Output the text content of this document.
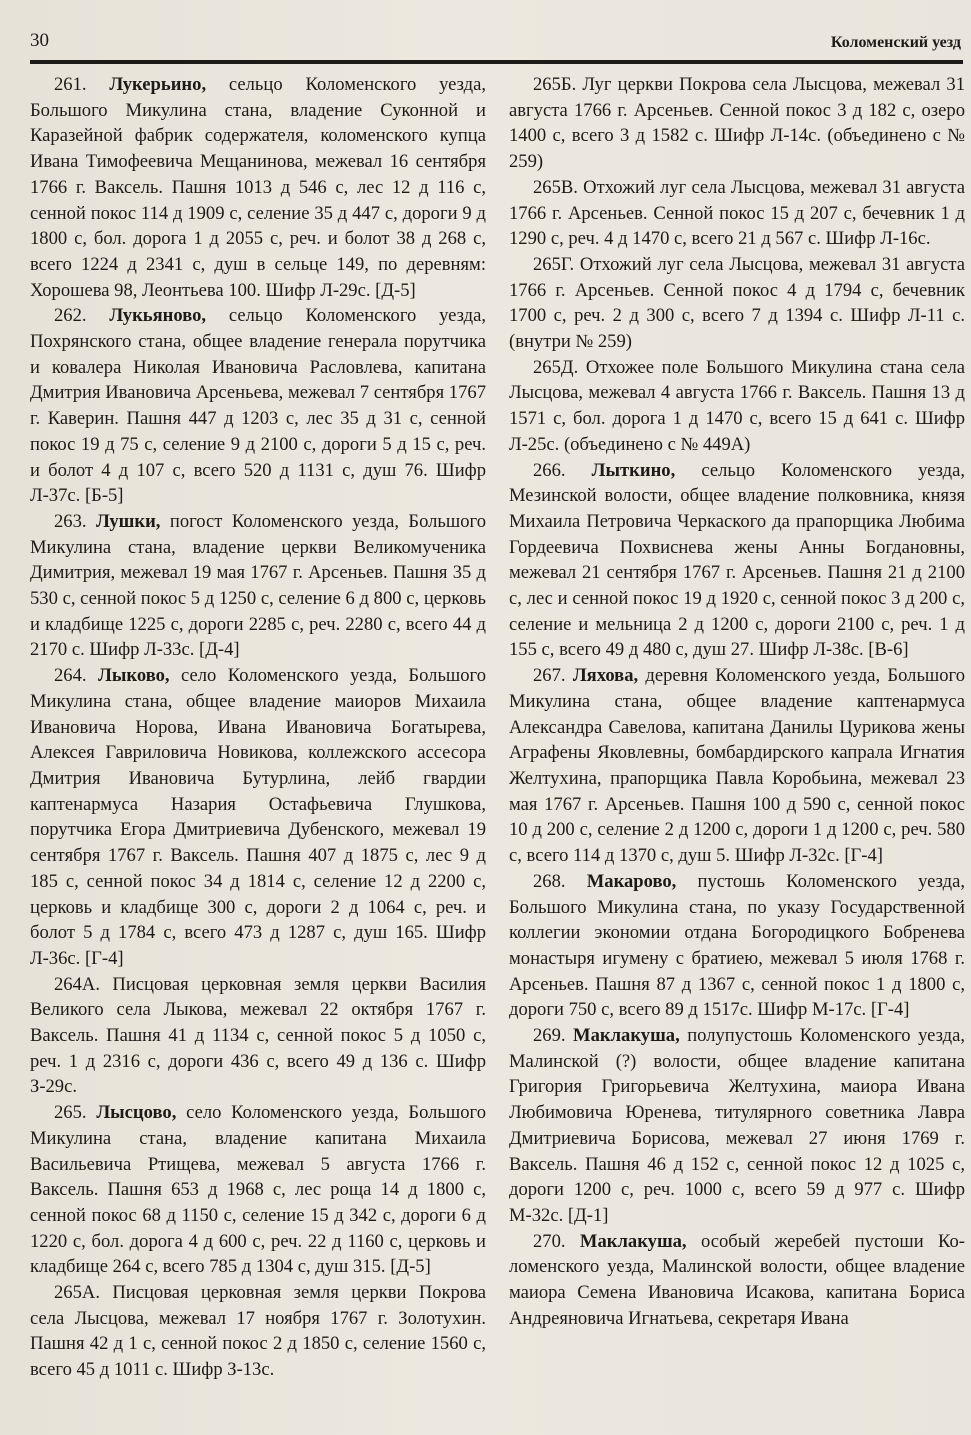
30	Коломенский уезд

261. Лукерьино, сельцо Коломенского уезда, Большого Микулина стана, владение Суконной и Каразейной фабрик содержателя, коломенского купца Ивана Тимофеевича Мещанинова, межевал 16 сентября 1766 г. Ваксель. Пашня 1013 д 546 с, лес 12 д 116 с, сенной покос 114 д 1909 с, селение 35 д 447 с, дороги 9 д 1800 с, бол. дорога 1 д 2055 с, реч. и болот 38 д 268 с, всего 1224 д 2341 с, душ в сельце 149, по деревням: Хорошева 98, Леонтьева 100. Шифр Л-29с. [Д-5]

262. Лукьяново, сельцо Коломенского уезда, Похрянского стана, общее владение генерала порутчика и ковалера Николая Ивановича Расловлева, капитана Дмитрия Ивановича Арсеньева, межевал 7 сентября 1767 г. Каверин. Пашня 447 д 1203 с, лес 35 д 31 с, сенной покос 19 д 75 с, селение 9 д 2100 с, дороги 5 д 15 с, реч. и болот 4 д 107 с, всего 520 д 1131 с, душ 76. Шифр Л-37с. [Б-5]

263. Лушки, погост Коломенского уезда, Большого Микулина стана, владение церкви Великомученика Димитрия, межевал 19 мая 1767 г. Арсеньев. Пашня 35 д 530 с, сенной покос 5 д 1250 с, селение 6 д 800 с, церковь и кладбище 1225 с, дороги 2285 с, реч. 2280 с, всего 44 д 2170 с. Шифр Л-33с. [Д-4]

264. Лыково, село Коломенского уезда, Большого Микулина стана, общее владение маиоров Михаила Ивановича Норова, Ивана Ивановича Богатырева, Алексея Гавриловича Новикова, коллежского ассесора Дмитрия Ивановича Бутурлина, лейб гвардии каптенармуса Назария Остафьевича Глушкова, порутчика Егора Дмитриевича Дубенского, межевал 19 сентября 1767 г. Ваксель. Пашня 407 д 1875 с, лес 9 д 185 с, сенной покос 34 д 1814 с, селение 12 д 2200 с, церковь и кладбище 300 с, дороги 2 д 1064 с, реч. и болот 5 д 1784 с, всего 473 д 1287 с, душ 165. Шифр Л-36с. [Г-4]

264А. Писцовая церковная земля церкви Василия Великого села Лыкова, межевал 22 октября 1767 г. Ваксель. Пашня 41 д 1134 с, сенной покос 5 д 1050 с, реч. 1 д 2316 с, дороги 436 с, всего 49 д 136 с. Шифр З-29с.

265. Лысцово, село Коломенского уезда, Большого Микулина стана, владение капитана Михаила Васильевича Ртищева, межевал 5 августа 1766 г. Ваксель. Пашня 653 д 1968 с, лес роща 14 д 1800 с, сенной покос 68 д 1150 с, селение 15 д 342 с, дороги 6 д 1220 с, бол. дорога 4 д 600 с, реч. 22 д 1160 с, церковь и кладбище 264 с, всего 785 д 1304 с, душ 315. [Д-5]

265А. Писцовая церковная земля церкви Покрова села Лысцова, межевал 17 ноября 1767 г. Золотухин. Пашня 42 д 1 с, сенной покос 2 д 1850 с, селение 1560 с, всего 45 д 1011 с. Шифр З-13с.

265Б. Луг церкви Покрова села Лысцова, межевал 31 августа 1766 г. Арсеньев. Сенной покос 3 д 182 с, озеро 1400 с, всего 3 д 1582 с. Шифр Л-14с. (объединено с № 259)

265В. Отхожий луг села Лысцова, межевал 31 августа 1766 г. Арсеньев. Сенной покос 15 д 207 с, бечевник 1 д 1290 с, реч. 4 д 1470 с, всего 21 д 567 с. Шифр Л-16с.

265Г. Отхожий луг села Лысцова, межевал 31 августа 1766 г. Арсеньев. Сенной покос 4 д 1794 с, бечевник 1700 с, реч. 2 д 300 с, всего 7 д 1394 с. Шифр Л-11 с. (внутри № 259)

265Д. Отхожее поле Большого Микулина стана села Лысцова, межевал 4 августа 1766 г. Ваксель. Пашня 13 д 1571 с, бол. дорога 1 д 1470 с, всего 15 д 641 с. Шифр Л-25с. (объединено с № 449А)

266. Лыткино, сельцо Коломенского уезда, Мезинской волости, общее владение полковника, князя Михаила Петровича Черкаского да прапорщика Любима Гордеевича Похвиснева жены Анны Богдановны, межевал 21 сентября 1767 г. Арсеньев. Пашня 21 д 2100 с, лес и сенной покос 19 д 1920 с, сенной покос 3 д 200 с, селение и мельница 2 д 1200 с, дороги 2100 с, реч. 1 д 155 с, всего 49 д 480 с, душ 27. Шифр Л-38с. [В-6]

267. Ляхова, деревня Коломенского уезда, Большого Микулина стана, общее владение каптенармуса Александра Савелова, капитана Данилы Цурикова жены Аграфены Яковлевны, бомбардирского капрала Игнатия Желтухина, прапорщика Павла Коробьина, межевал 23 мая 1767 г. Арсеньев. Пашня 100 д 590 с, сенной покос 10 д 200 с, селение 2 д 1200 с, дороги 1 д 1200 с, реч. 580 с, всего 114 д 1370 с, душ 5. Шифр Л-32с. [Г-4]

268. Макарово, пустошь Коломенского уезда, Большого Микулина стана, по указу Государственной коллегии экономии отдана Богородицкого Бобренева монастыря игумену с братиею, межевал 5 июля 1768 г. Арсеньев. Пашня 87 д 1367 с, сенной покос 1 д 1800 с, дороги 750 с, всего 89 д 1517с. Шифр М-17с. [Г-4]

269. Маклакуша, полупустошь Коломенского уезда, Малинской (?) волости, общее владение капитана Григория Григорьевича Желтухина, маиора Ивана Любимовича Юренева, титулярного советника Лавра Дмитриевича Борисова, межевал 27 июня 1769 г. Ваксель. Пашня 46 д 152 с, сенной покос 12 д 1025 с, дороги 1200 с, реч. 1000 с, всего 59 д 977 с. Шифр М-32с. [Д-1]

270. Маклакуша, особый жеребей пустоши Коломенского уезда, Малинской волости, общее владение маиора Семена Ивановича Исакова, капитана Бориса Андреяновича Игнатьева, секретаря Ивана
